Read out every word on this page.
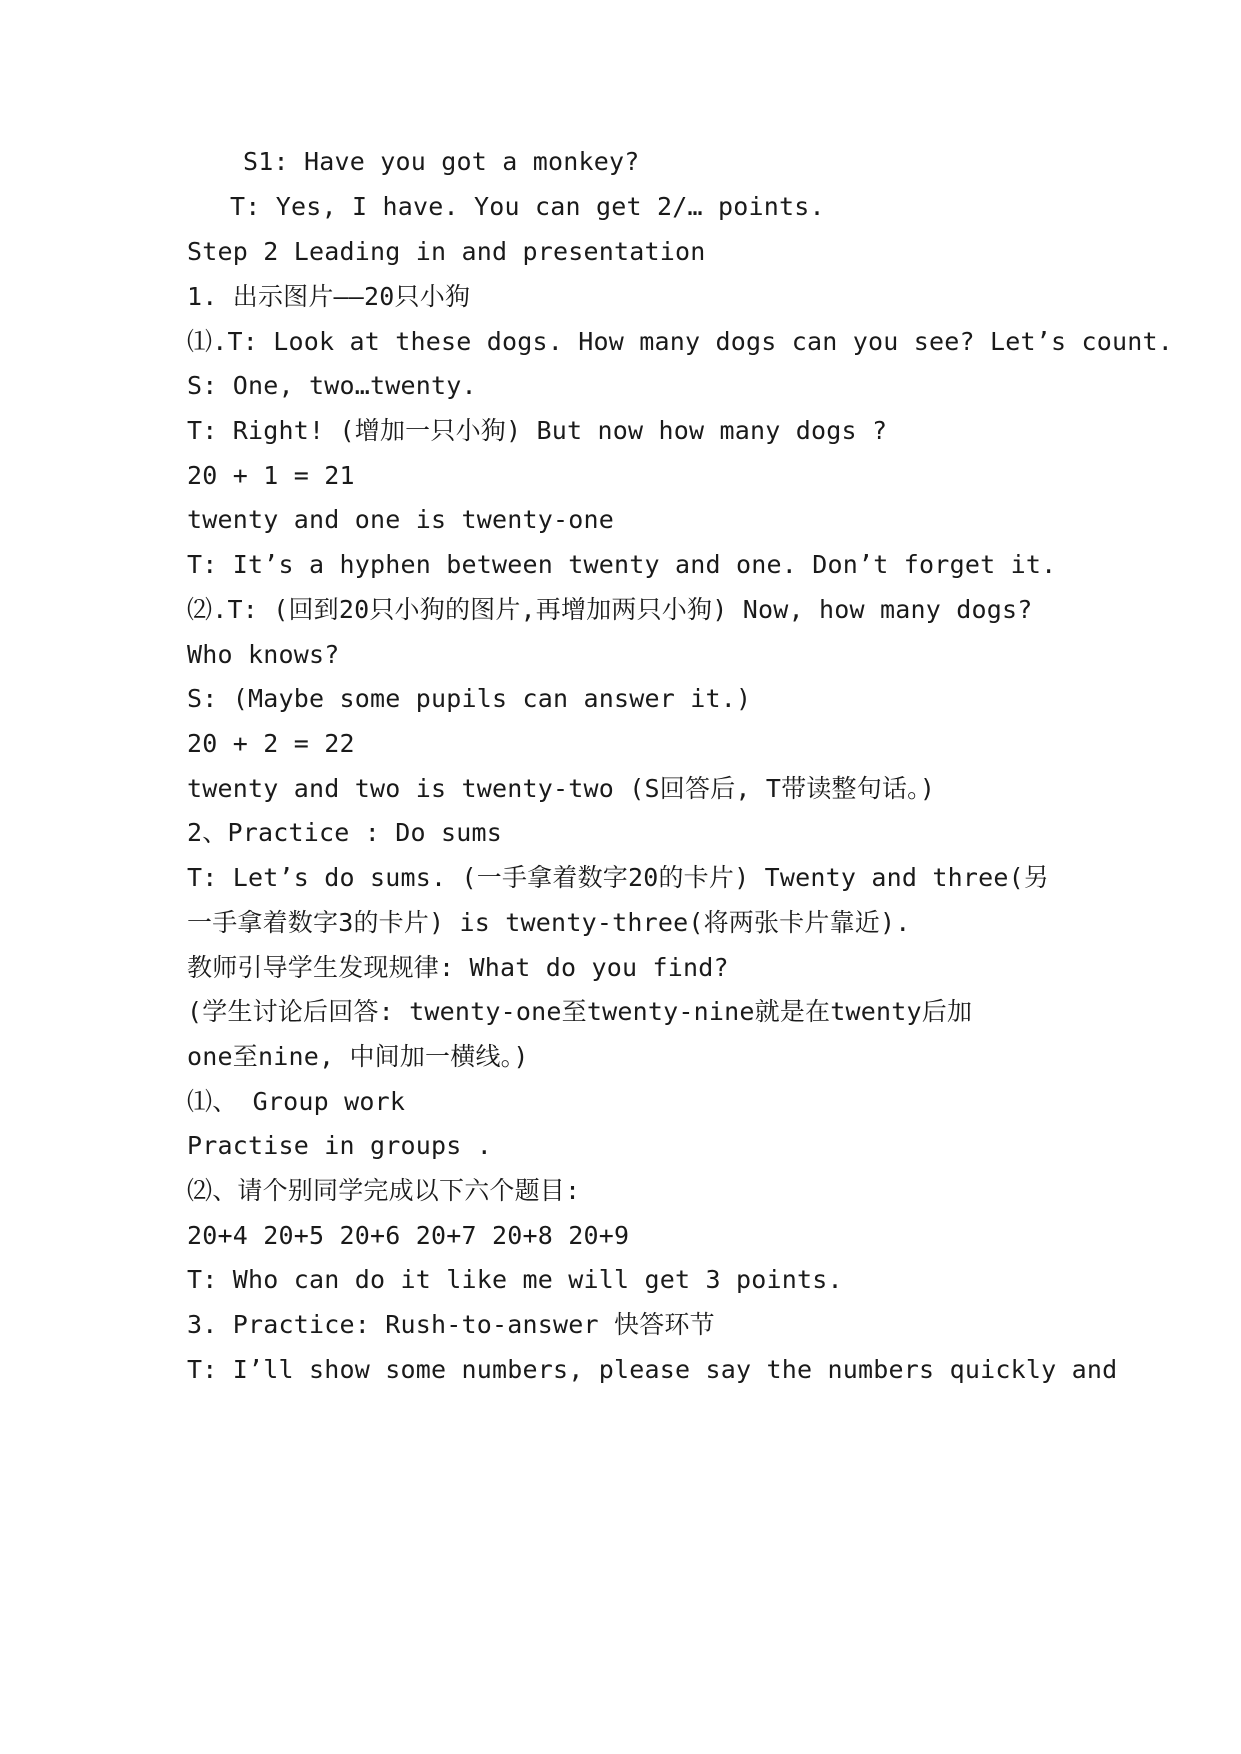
S1: Have you got a monkey?
T: Yes, I have. You can get 2/… points.
Step 2 Leading in and presentation
1. 出示图片——20只小狗
⑴.T: Look at these dogs. How many dogs can you see? Let’s count.
S: One, two…twenty.
T: Right! (增加一只小狗) But now how many dogs ?
20 + 1 = 21
twenty and one is twenty-one
T: It’s a hyphen between twenty and one. Don’t forget it.
⑵.T: (回到20只小狗的图片,再增加两只小狗) Now, how many dogs?
Who knows?
S: (Maybe some pupils can answer it.)
20 + 2 = 22
twenty and two is twenty-two (S回答后, T带读整句话。)
2、Practice : Do sums
T: Let’s do sums. (一手拿着数字20的卡片) Twenty and three(另
一手拿着数字3的卡片) is twenty-three(将两张卡片靠近).
教师引导学生发现规律: What do you find?
(学生讨论后回答: twenty-one至twenty-nine就是在twenty后加
one至nine, 中间加一横线。)
⑴、 Group work
Practise in groups .
⑵、请个别同学完成以下六个题目:
20+4 20+5 20+6 20+7 20+8 20+9
T: Who can do it like me will get 3 points.
3. Practice: Rush-to-answer 快答环节
T: I’ll show some numbers, please say the numbers quickly and
